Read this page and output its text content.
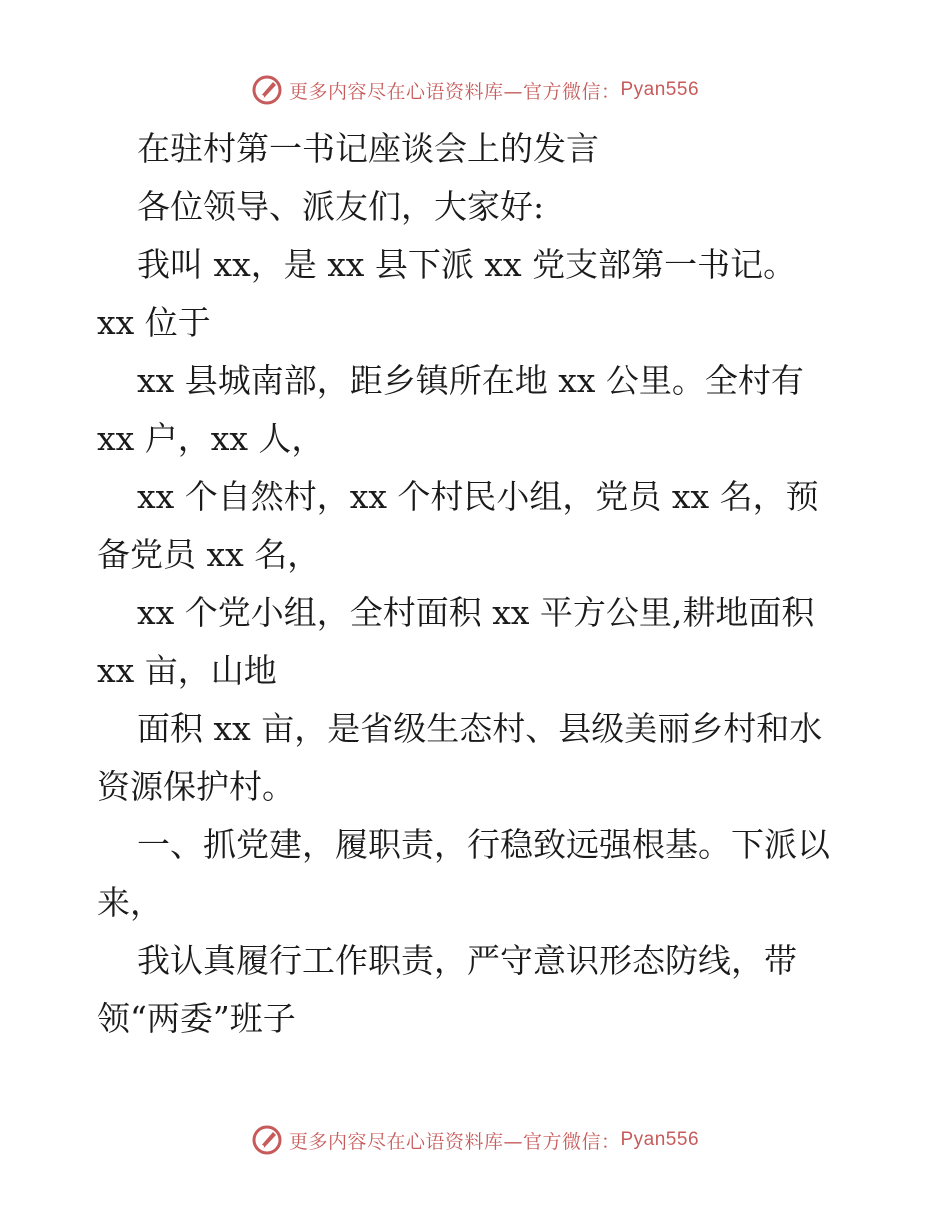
更多内容尽在心语资料库—官方微信： Pyan556
在驻村第一书记座谈会上的发言
各位领导、派友们，大家好:
我叫 xx，是 xx 县下派 xx 党支部第一书记。
xx 位于
xx 县城南部，距乡镇所在地 xx 公里。全村有
xx 户，xx 人，
xx 个自然村，xx 个村民小组，党员 xx 名，预
备党员 xx 名，
xx 个党小组，全村面积 xx 平方公里,耕地面积
xx 亩，山地
面积 xx 亩，是省级生态村、县级美丽乡村和水
资源保护村。
一、抓党建，履职责，行稳致远强根基。下派以
来，
我认真履行工作职责，严守意识形态防线，带
领“两委”班子
更多内容尽在心语资料库—官方微信： Pyan556
